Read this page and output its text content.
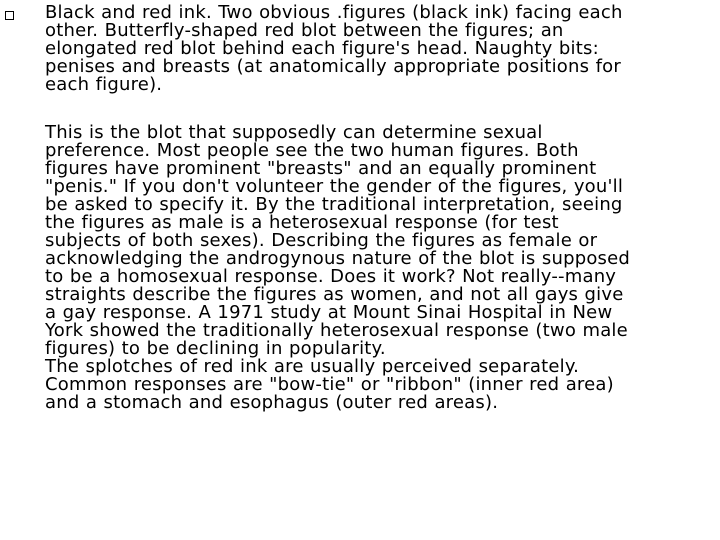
Black and red ink. Two obvious .figures (black ink) facing each
other. Butterfly-shaped red blot between the figures; an
elongated red blot behind each figure's head. Naughty bits:
penises and breasts (at anatomically appropriate positions for
each figure).
This is the blot that supposedly can determine sexual
preference. Most people see the two human figures. Both
figures have prominent "breasts" and an equally prominent
"penis." If you don't volunteer the gender of the figures, you'll
be asked to specify it. By the traditional interpretation, seeing
the figures as male is a heterosexual response (for test
subjects of both sexes). Describing the figures as female or
acknowledging the androgynous nature of the blot is supposed
to be a homosexual response. Does it work? Not really--many
straights describe the figures as women, and not all gays give
a gay response. A 1971 study at Mount Sinai Hospital in New
York showed the traditionally heterosexual response (two male
figures) to be declining in popularity.
The splotches of red ink are usually perceived separately.
Common responses are "bow-tie" or "ribbon" (inner red area)
and a stomach and esophagus (outer red areas).
